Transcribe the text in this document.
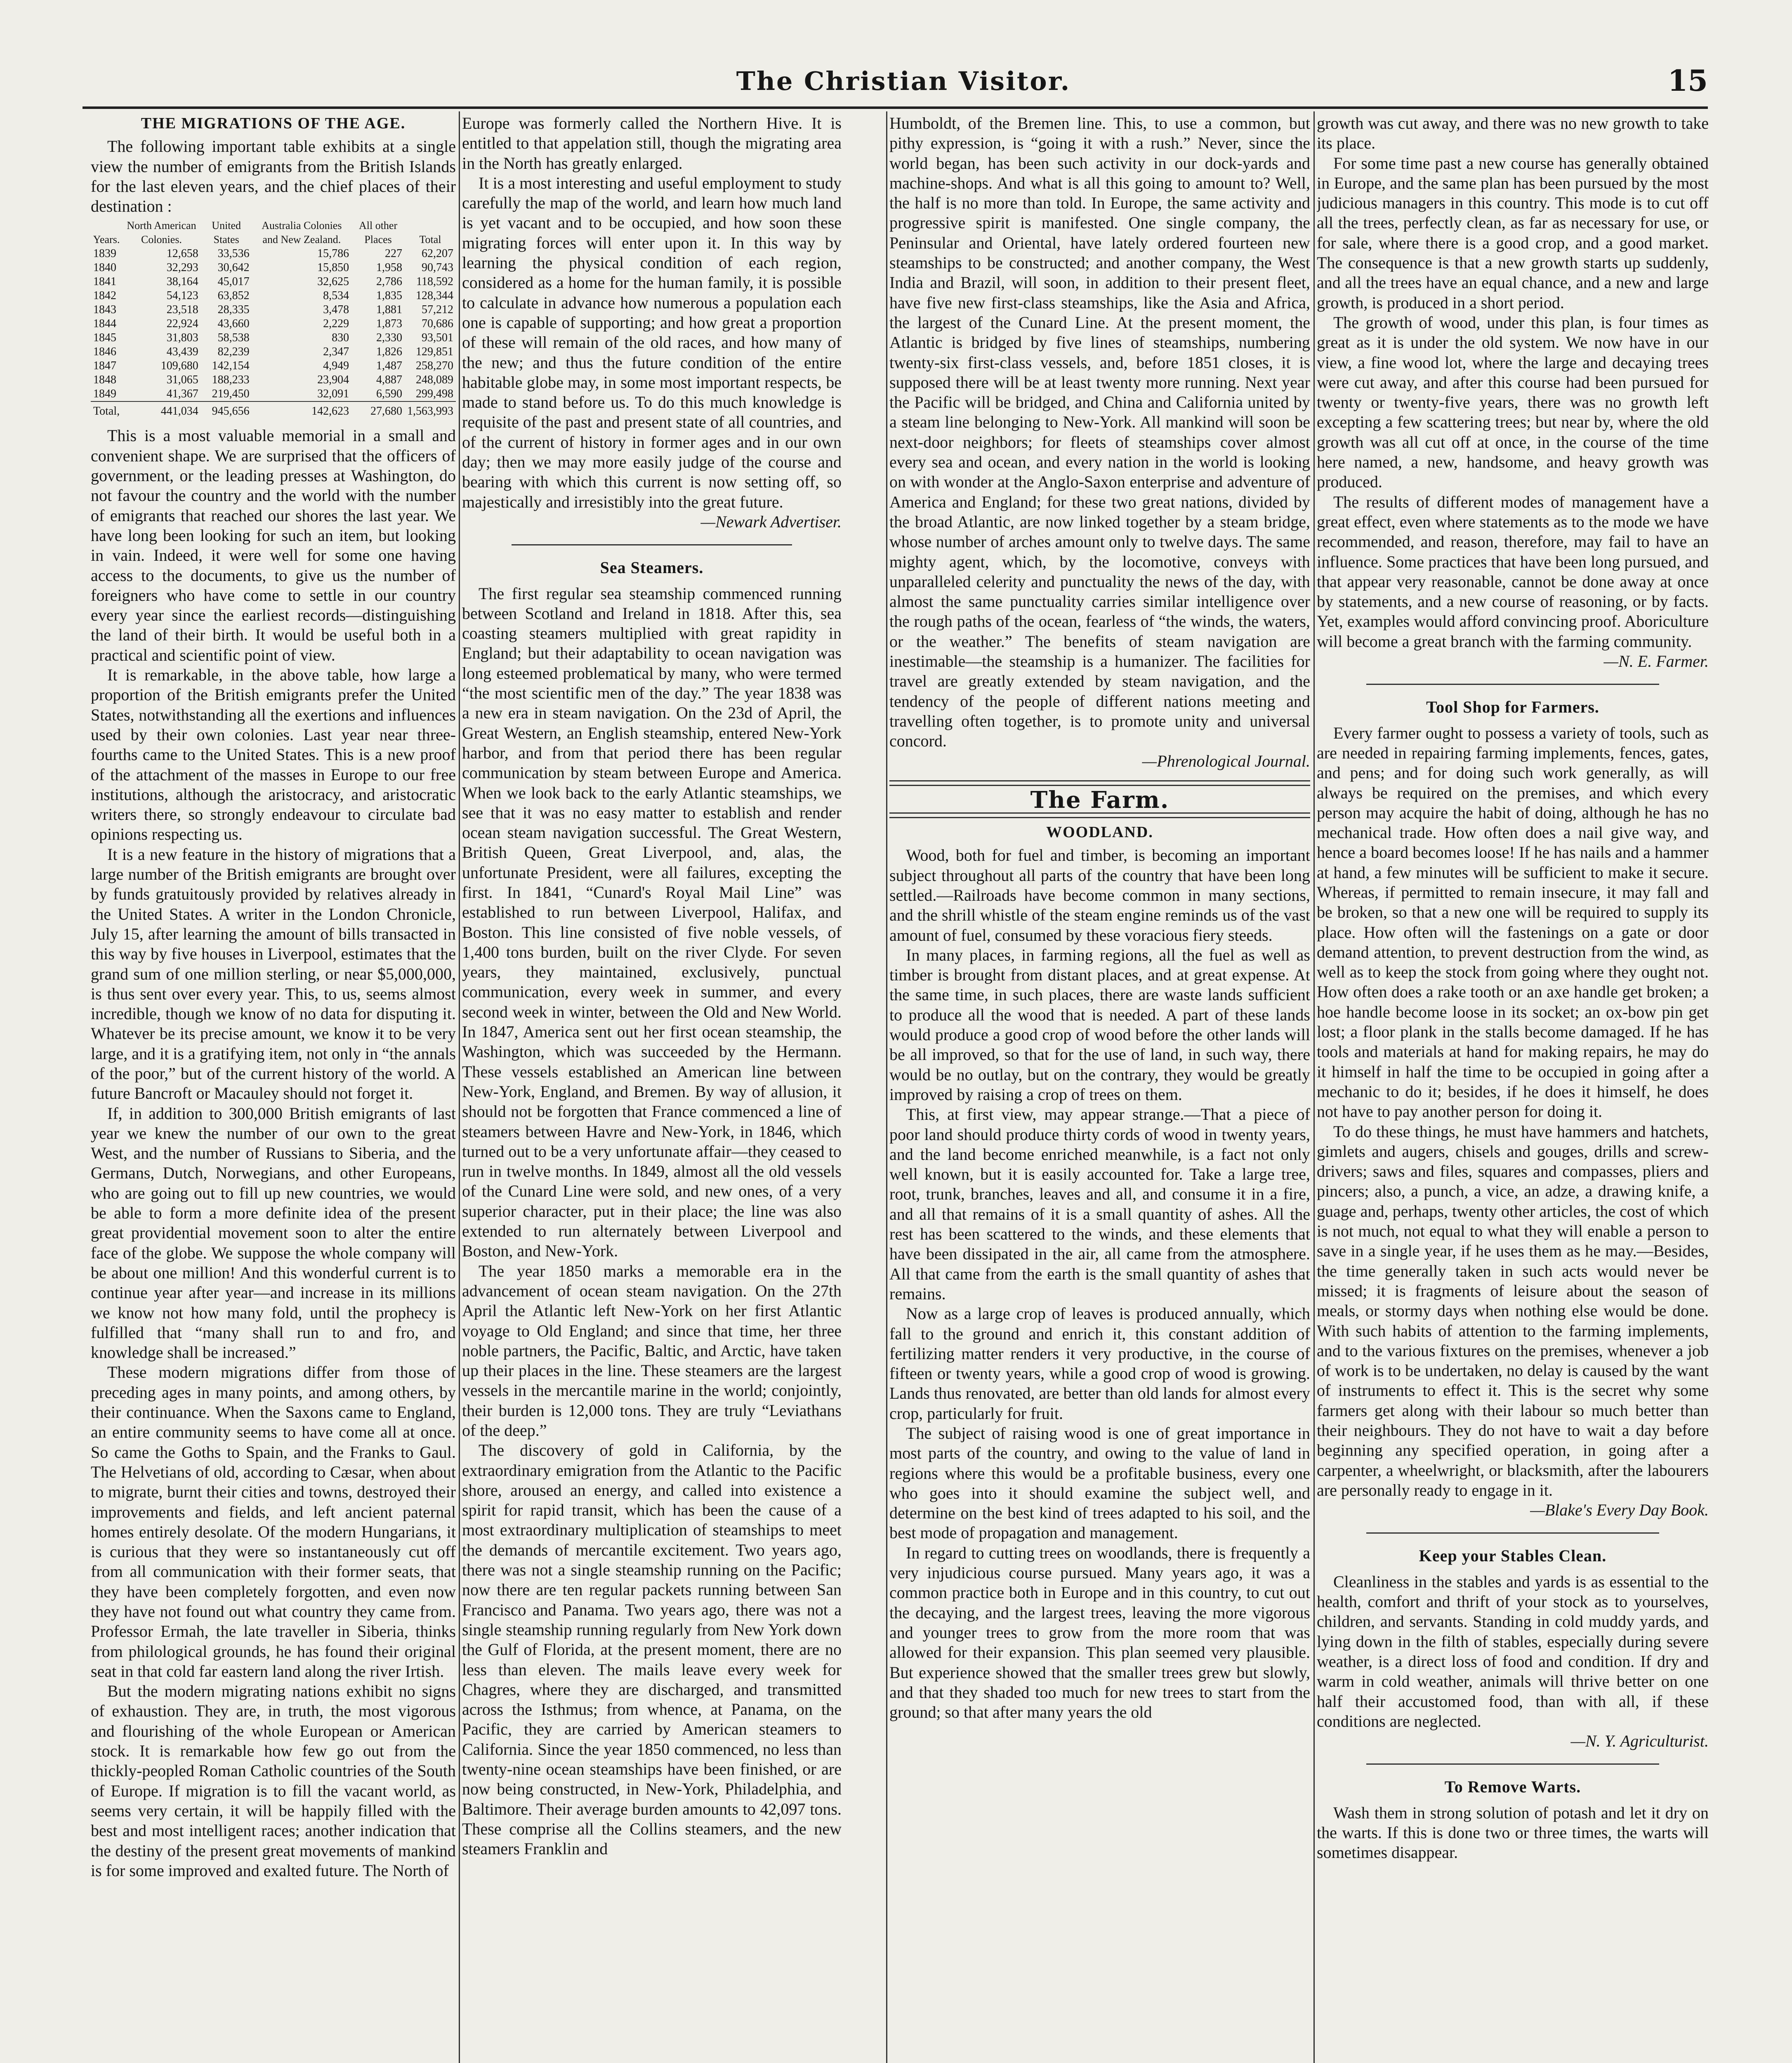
The Christian Visitor.	15
THE MIGRATIONS OF THE AGE.

The following important table exhibits at a single view the number of emigrants from the British Islands for the last eleven years, and the chief places of their destination :

Years.	North American Colonies.	United States	Australia Colonies and New Zealand.	All other Places	Total
1839	12,658	33,536	15,786	227	62,207
1840	32,293	30,642	15,850	1,958	90,743
1841	38,164	45,017	32,625	2,786	118,592
1842	54,123	63,852	8,534	1,835	128,344
1843	23,518	28,335	3,478	1,881	57,212
1844	22,924	43,660	2,229	1,873	70,686
1845	31,803	58,538	830	2,330	93,501
1846	43,439	82,239	2,347	1,826	129,851
1847	109,680	142,154	4,949	1,487	258,270
1848	31,065	188,233	23,904	4,887	248,089
1849	41,367	219,450	32,091	6,590	299,498
Total,	441,034	945,656	142,623	27,680	1,563,993

This is a most valuable memorial in a small and convenient shape. We are surprised that the officers of government, or the leading presses at Washington, do not favour the country and the world with the number of emigrants that reached our shores the last year. We have long been looking for such an item, but looking in vain. Indeed, it were well for some one having access to the documents, to give us the number of foreigners who have come to settle in our country every year since the earliest records—distinguishing the land of their birth. It would be useful both in a practical and scientific point of view.

It is remarkable, in the above table, how large a proportion of the British emigrants prefer the United States, notwithstanding all the exertions and influences used by their own colonies. Last year near three-fourths came to the United States. This is a new proof of the attachment of the masses in Europe to our free institutions, although the aristocracy, and aristocratic writers there, so strongly endeavour to circulate bad opinions respecting us.

It is a new feature in the history of migrations that a large number of the British emigrants are brought over by funds gratuitously provided by relatives already in the United States. A writer in the London Chronicle, July 15, after learning the amount of bills transacted in this way by five houses in Liverpool, estimates that the grand sum of one million sterling, or near $5,000,000, is thus sent over every year. This, to us, seems almost incredible, though we know of no data for disputing it. Whatever be its precise amount, we know it to be very large, and it is a gratifying item, not only in “the annals of the poor,” but of the current history of the world. A future Bancroft or Macauley should not forget it.

If, in addition to 300,000 British emigrants of last year we knew the number of our own to the great West, and the number of Russians to Siberia, and the Germans, Dutch, Norwegians, and other Europeans, who are going out to fill up new countries, we would be able to form a more definite idea of the present great providential movement soon to alter the entire face of the globe. We suppose the whole company will be about one million! And this wonderful current is to continue year after year—and increase in its millions we know not how many fold, until the prophecy is fulfilled that “many shall run to and fro, and knowledge shall be increased.”

These modern migrations differ from those of preceding ages in many points, and among others, by their continuance. When the Saxons came to England, an entire community seems to have come all at once. So came the Goths to Spain, and the Franks to Gaul. The Helvetians of old, according to Cæsar, when about to migrate, burnt their cities and towns, destroyed their improvements and fields, and left ancient paternal homes entirely desolate. Of the modern Hungarians, it is curious that they were so instantaneously cut off from all communication with their former seats, that they have been completely forgotten, and even now they have not found out what country they came from. Professor Ermah, the late traveller in Siberia, thinks from philological grounds, he has found their original seat in that cold far eastern land along the river Irtish.

But the modern migrating nations exhibit no signs of exhaustion. They are, in truth, the most vigorous and flourishing of the whole European or American stock. It is remarkable how few go out from the thickly-peopled Roman Catholic countries of the South of Europe. If migration is to fill the vacant world, as seems very certain, it will be happily filled with the best and most intelligent races; another indication that the destiny of the present great movements of mankind is for some improved and exalted future. The North of

Europe was formerly called the Northern Hive. It is entitled to that appelation still, though the migrating area in the North has greatly enlarged.

It is a most interesting and useful employment to study carefully the map of the world, and learn how much land is yet vacant and to be occupied, and how soon these migrating forces will enter upon it. In this way by learning the physical condition of each region, considered as a home for the human family, it is possible to calculate in advance how numerous a population each one is capable of supporting; and how great a proportion of these will remain of the old races, and how many of the new; and thus the future condition of the entire habitable globe may, in some most important respects, be made to stand before us. To do this much knowledge is requisite of the past and present state of all countries, and of the current of history in former ages and in our own day; then we may more easily judge of the course and bearing with which this current is now setting off, so majestically and irresistibly into the great future.

—Newark Advertiser.
Sea Steamers.

The first regular sea steamship commenced running between Scotland and Ireland in 1818. After this, sea coasting steamers multiplied with great rapidity in England; but their adaptability to ocean navigation was long esteemed problematical by many, who were termed “the most scientific men of the day.” The year 1838 was a new era in steam navigation. On the 23d of April, the Great Western, an English steamship, entered New-York harbor, and from that period there has been regular communication by steam between Europe and America. When we look back to the early Atlantic steamships, we see that it was no easy matter to establish and render ocean steam navigation successful. The Great Western, British Queen, Great Liverpool, and, alas, the unfortunate President, were all failures, excepting the first. In 1841, “Cunard's Royal Mail Line” was established to run between Liverpool, Halifax, and Boston. This line consisted of five noble vessels, of 1,400 tons burden, built on the river Clyde. For seven years, they maintained, exclusively, punctual communication, every week in summer, and every second week in winter, between the Old and New World. In 1847, America sent out her first ocean steamship, the Washington, which was succeeded by the Hermann. These vessels established an American line between New-York, England, and Bremen. By way of allusion, it should not be forgotten that France commenced a line of steamers between Havre and New-York, in 1846, which turned out to be a very unfortunate affair—they ceased to run in twelve months. In 1849, almost all the old vessels of the Cunard Line were sold, and new ones, of a very superior character, put in their place; the line was also extended to run alternately between Liverpool and Boston, and New-York.

The year 1850 marks a memorable era in the advancement of ocean steam navigation. On the 27th April the Atlantic left New-York on her first Atlantic voyage to Old England; and since that time, her three noble partners, the Pacific, Baltic, and Arctic, have taken up their places in the line. These steamers are the largest vessels in the mercantile marine in the world; conjointly, their burden is 12,000 tons. They are truly “Leviathans of the deep.”

The discovery of gold in California, by the extraordinary emigration from the Atlantic to the Pacific shore, aroused an energy, and called into existence a spirit for rapid transit, which has been the cause of a most extraordinary multiplication of steamships to meet the demands of mercantile excitement. Two years ago, there was not a single steamship running on the Pacific; now there are ten regular packets running between San Francisco and Panama. Two years ago, there was not a single steamship running regularly from New York down the Gulf of Florida, at the present moment, there are no less than eleven. The mails leave every week for Chagres, where they are discharged, and transmitted across the Isthmus; from whence, at Panama, on the Pacific, they are carried by American steamers to California. Since the year 1850 commenced, no less than twenty-nine ocean steamships have been finished, or are now being constructed, in New-York, Philadelphia, and Baltimore. Their average burden amounts to 42,097 tons. These comprise all the Collins steamers, and the new steamers Franklin and

Humboldt, of the Bremen line. This, to use a common, but pithy expression, is “going it with a rush.” Never, since the world began, has been such activity in our dock-yards and machine-shops. And what is all this going to amount to? Well, the half is no more than told. In Europe, the same activity and progressive spirit is manifested. One single company, the Peninsular and Oriental, have lately ordered fourteen new steamships to be constructed; and another company, the West India and Brazil, will soon, in addition to their present fleet, have five new first-class steamships, like the Asia and Africa, the largest of the Cunard Line. At the present moment, the Atlantic is bridged by five lines of steamships, numbering twenty-six first-class vessels, and, before 1851 closes, it is supposed there will be at least twenty more running. Next year the Pacific will be bridged, and China and California united by a steam line belonging to New-York. All mankind will soon be next-door neighbors; for fleets of steamships cover almost every sea and ocean, and every nation in the world is looking on with wonder at the Anglo-Saxon enterprise and adventure of America and England; for these two great nations, divided by the broad Atlantic, are now linked together by a steam bridge, whose number of arches amount only to twelve days. The same mighty agent, which, by the locomotive, conveys with unparalleled celerity and punctuality the news of the day, with almost the same punctuality carries similar intelligence over the rough paths of the ocean, fearless of “the winds, the waters, or the weather.” The benefits of steam navigation are inestimable—the steamship is a humanizer. The facilities for travel are greatly extended by steam navigation, and the tendency of the people of different nations meeting and travelling often together, is to promote unity and universal concord.

—Phrenological Journal.
The Farm.
WOODLAND.

Wood, both for fuel and timber, is becoming an important subject throughout all parts of the country that have been long settled.—Railroads have become common in many sections, and the shrill whistle of the steam engine reminds us of the vast amount of fuel, consumed by these voracious fiery steeds.

In many places, in farming regions, all the fuel as well as timber is brought from distant places, and at great expense. At the same time, in such places, there are waste lands sufficient to produce all the wood that is needed. A part of these lands would produce a good crop of wood before the other lands will be all improved, so that for the use of land, in such way, there would be no outlay, but on the contrary, they would be greatly improved by raising a crop of trees on them.

This, at first view, may appear strange.—That a piece of poor land should produce thirty cords of wood in twenty years, and the land become enriched meanwhile, is a fact not only well known, but it is easily accounted for. Take a large tree, root, trunk, branches, leaves and all, and consume it in a fire, and all that remains of it is a small quantity of ashes. All the rest has been scattered to the winds, and these elements that have been dissipated in the air, all came from the atmosphere. All that came from the earth is the small quantity of ashes that remains.

Now as a large crop of leaves is produced annually, which fall to the ground and enrich it, this constant addition of fertilizing matter renders it very productive, in the course of fifteen or twenty years, while a good crop of wood is growing. Lands thus renovated, are better than old lands for almost every crop, particularly for fruit.

The subject of raising wood is one of great importance in most parts of the country, and owing to the value of land in regions where this would be a profitable business, every one who goes into it should examine the subject well, and determine on the best kind of trees adapted to his soil, and the best mode of propagation and management.

In regard to cutting trees on woodlands, there is frequently a very injudicious course pursued. Many years ago, it was a common practice both in Europe and in this country, to cut out the decaying, and the largest trees, leaving the more vigorous and younger trees to grow from the more room that was allowed for their expansion. This plan seemed very plausible. But experience showed that the smaller trees grew but slowly, and that they shaded too much for new trees to start from the ground; so that after many years the old

growth was cut away, and there was no new growth to take its place.

For some time past a new course has generally obtained in Europe, and the same plan has been pursued by the most judicious managers in this country. This mode is to cut off all the trees, perfectly clean, as far as necessary for use, or for sale, where there is a good crop, and a good market. The consequence is that a new growth starts up suddenly, and all the trees have an equal chance, and a new and large growth, is produced in a short period.

The growth of wood, under this plan, is four times as great as it is under the old system. We now have in our view, a fine wood lot, where the large and decaying trees were cut away, and after this course had been pursued for twenty or twenty-five years, there was no growth left excepting a few scattering trees; but near by, where the old growth was all cut off at once, in the course of the time here named, a new, handsome, and heavy growth was produced.

The results of different modes of management have a great effect, even where statements as to the mode we have recommended, and reason, therefore, may fail to have an influence. Some practices that have been long pursued, and that appear very reasonable, cannot be done away at once by statements, and a new course of reasoning, or by facts. Yet, examples would afford convincing proof. Aboriculture will become a great branch with the farming community.

—N. E. Farmer.
Tool Shop for Farmers.

Every farmer ought to possess a variety of tools, such as are needed in repairing farming implements, fences, gates, and pens; and for doing such work generally, as will always be required on the premises, and which every person may acquire the habit of doing, although he has no mechanical trade. How often does a nail give way, and hence a board becomes loose! If he has nails and a hammer at hand, a few minutes will be sufficient to make it secure. Whereas, if permitted to remain insecure, it may fall and be broken, so that a new one will be required to supply its place. How often will the fastenings on a gate or door demand attention, to prevent destruction from the wind, as well as to keep the stock from going where they ought not. How often does a rake tooth or an axe handle get broken; a hoe handle become loose in its socket; an ox-bow pin get lost; a floor plank in the stalls become damaged. If he has tools and materials at hand for making repairs, he may do it himself in half the time to be occupied in going after a mechanic to do it; besides, if he does it himself, he does not have to pay another person for doing it.

To do these things, he must have hammers and hatchets, gimlets and augers, chisels and gouges, drills and screw-drivers; saws and files, squares and compasses, pliers and pincers; also, a punch, a vice, an adze, a drawing knife, a guage and, perhaps, twenty other articles, the cost of which is not much, not equal to what they will enable a person to save in a single year, if he uses them as he may.—Besides, the time generally taken in such acts would never be missed; it is fragments of leisure about the season of meals, or stormy days when nothing else would be done. With such habits of attention to the farming implements, and to the various fixtures on the premises, whenever a job of work is to be undertaken, no delay is caused by the want of instruments to effect it. This is the secret why some farmers get along with their labour so much better than their neighbours. They do not have to wait a day before beginning any specified operation, in going after a carpenter, a wheelwright, or blacksmith, after the labourers are personally ready to engage in it.

—Blake's Every Day Book.
Keep your Stables Clean.

Cleanliness in the stables and yards is as essential to the health, comfort and thrift of your stock as to yourselves, children, and servants. Standing in cold muddy yards, and lying down in the filth of stables, especially during severe weather, is a direct loss of food and condition. If dry and warm in cold weather, animals will thrive better on one half their accustomed food, than with all, if these conditions are neglected.

—N. Y. Agriculturist.
To Remove Warts.

Wash them in strong solution of potash and let it dry on the warts. If this is done two or three times, the warts will sometimes disappear.
